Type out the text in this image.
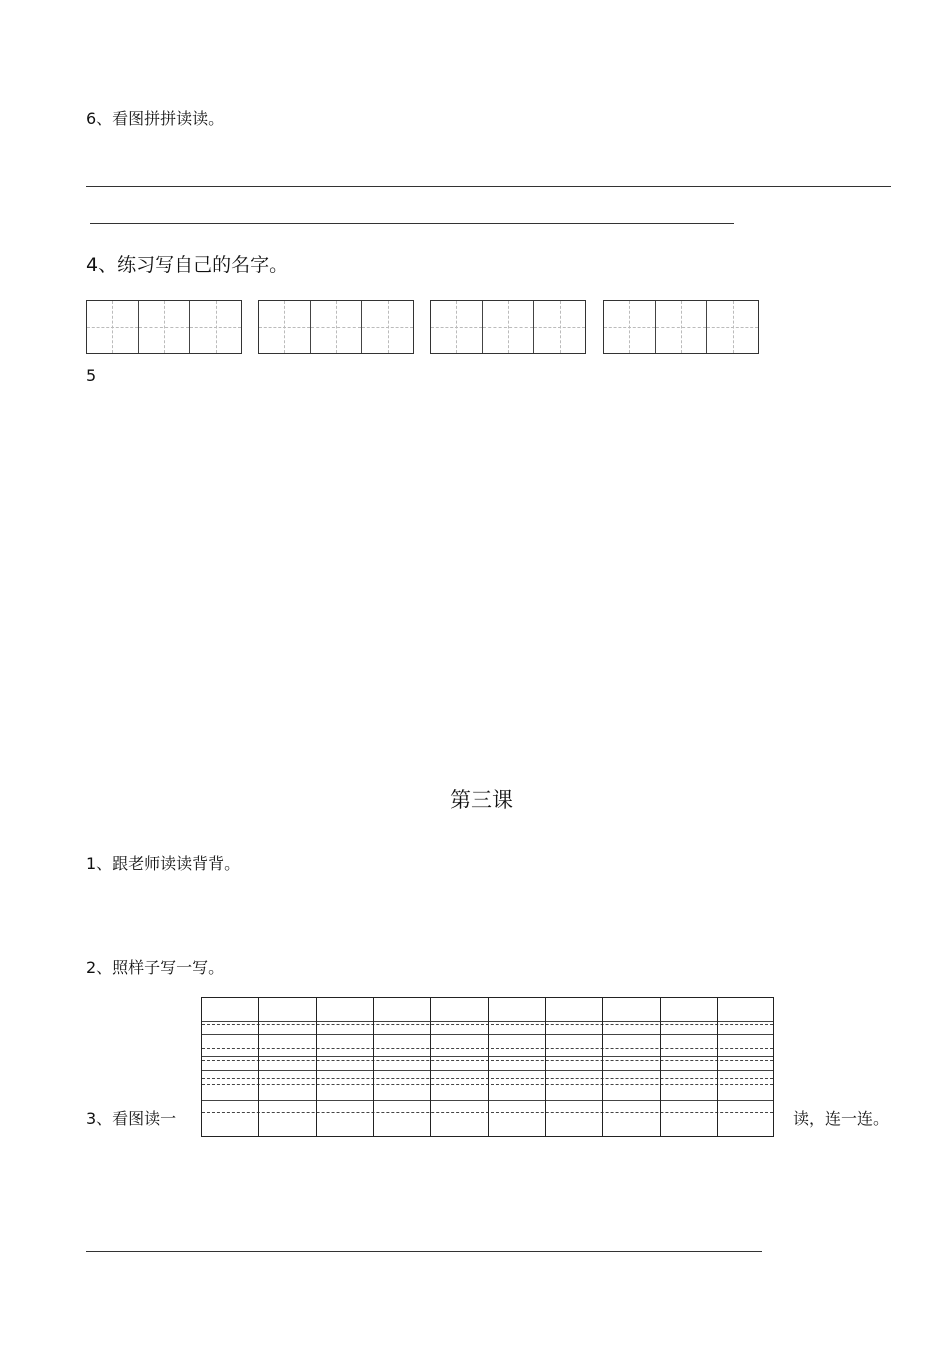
6、看图拼拼读读。
4、练习写自己的名字。
5
第三课
1、跟老师读读背背。
2、照样子写一写。
3、看图读一	读，连一连。
